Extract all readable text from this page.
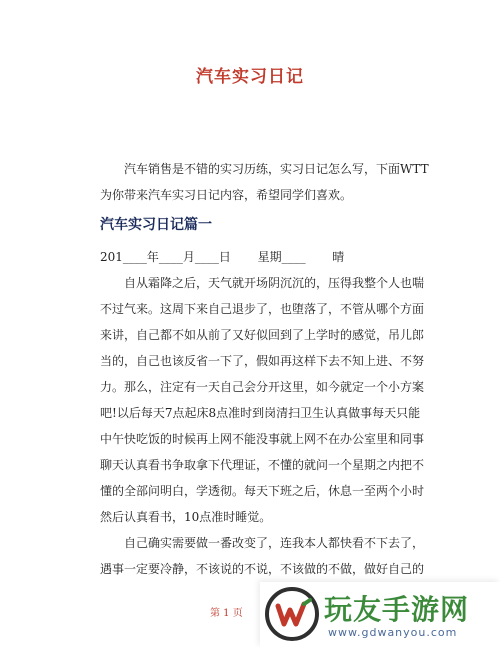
汽车实习日记

汽车销售是不错的实习历练，实习日记怎么写，下面WTT为你带来汽车实习日记内容，希望同学们喜欢。

汽车实习日记篇一

201____年____月____日       星期____       晴

自从霜降之后，天气就开场阴沉沉的，压得我整个人也喘不过气来。这周下来自己退步了，也堕落了，不管从哪个方面来讲，自己都不如从前了又好似回到了上学时的感觉，吊儿郎当的，自己也该反省一下了，假如再这样下去不知上进、不努力。那么，注定有一天自己会分开这里，如今就定一个小方案吧!以后每天7点起床8点准时到岗清扫卫生认真做事每天只能中午快吃饭的时候再上网不能没事就上网不在办公室里和同事聊天认真看书争取拿下代理证，不懂的就问一个星期之内把不懂的全部问明白，学透彻。每天下班之后，休息一至两个小时然后认真看书，10点准时睡觉。

自己确实需要做一番改变了，连我本人都快看不下去了，遇事一定要冷静，不该说的不说，不该做的不做，做好自己的

第 1 页	玩友手游网
www.gdwanyou.com
